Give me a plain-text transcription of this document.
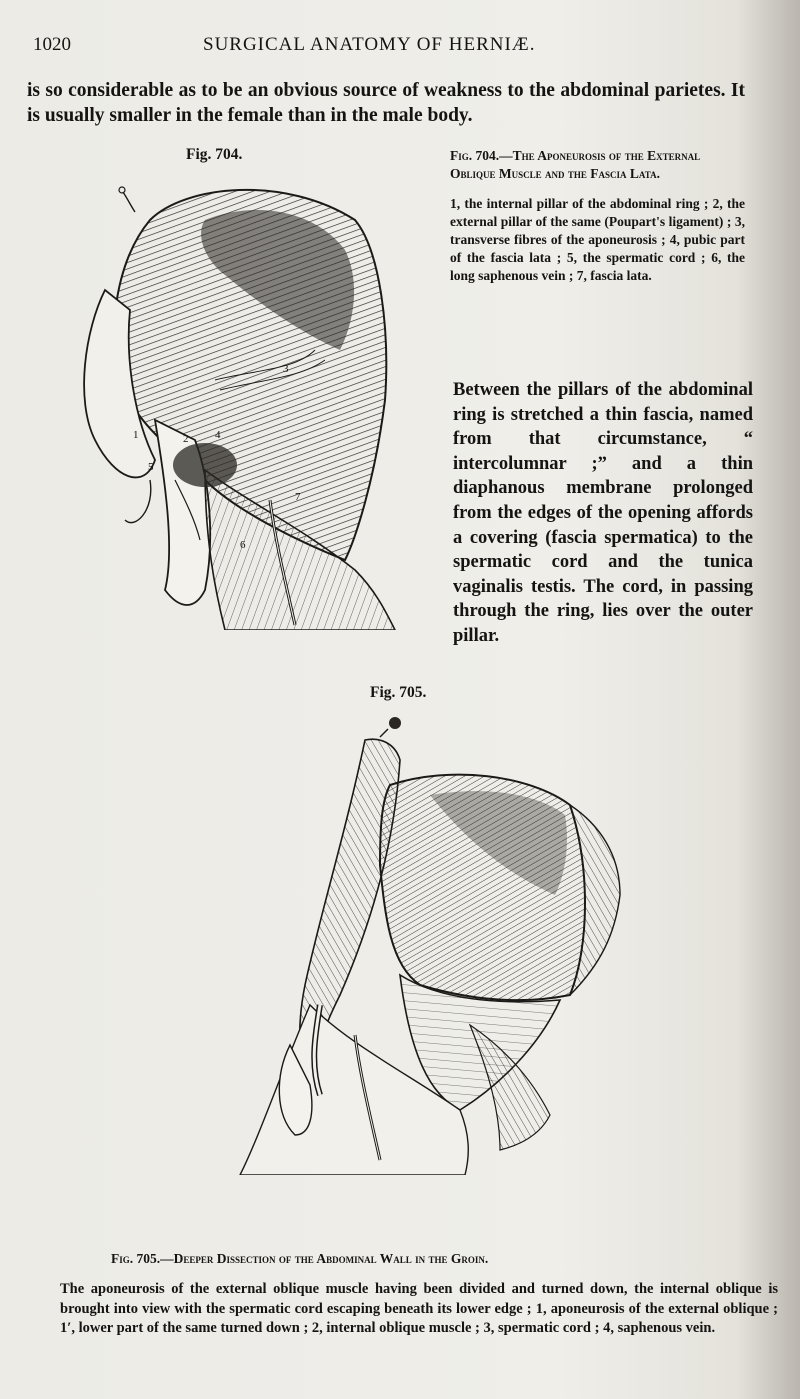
1020	SURGICAL ANATOMY OF HERNIÆ.
is so considerable as to be an obvious source of weakness to the abdominal parietes. It is usually smaller in the female than in the male body.
Fig. 704.
1	2
3
4
5
6
7

Fig. 704.—The Aponeurosis of the External Oblique Muscle and the Fascia Lata.

1, the internal pillar of the abdominal ring ; 2, the external pillar of the same (Poupart's ligament) ; 3, transverse fibres of the aponeurosis ; 4, pubic part of the fascia lata ; 5, the spermatic cord ; 6, the long saphenous vein ; 7, fascia lata.

Between the pillars of the abdominal ring is stretched a thin fascia, named from that circumstance, “ intercolumnar ;” and a thin diaphanous membrane prolonged from the edges of the opening affords a covering (fascia spermatica) to the spermatic cord and the tunica vaginalis testis. The cord, in passing through the ring, lies over the outer pillar.
Fig. 705.
Fig. 705.—Deeper Dissection of the Abdominal Wall in the Groin.
The aponeurosis of the external oblique muscle having been divided and turned down, the internal oblique is brought into view with the spermatic cord escaping beneath its lower edge ; 1, aponeurosis of the external oblique ; 1′, lower part of the same turned down ; 2, internal oblique muscle ; 3, spermatic cord ; 4, saphenous vein.
